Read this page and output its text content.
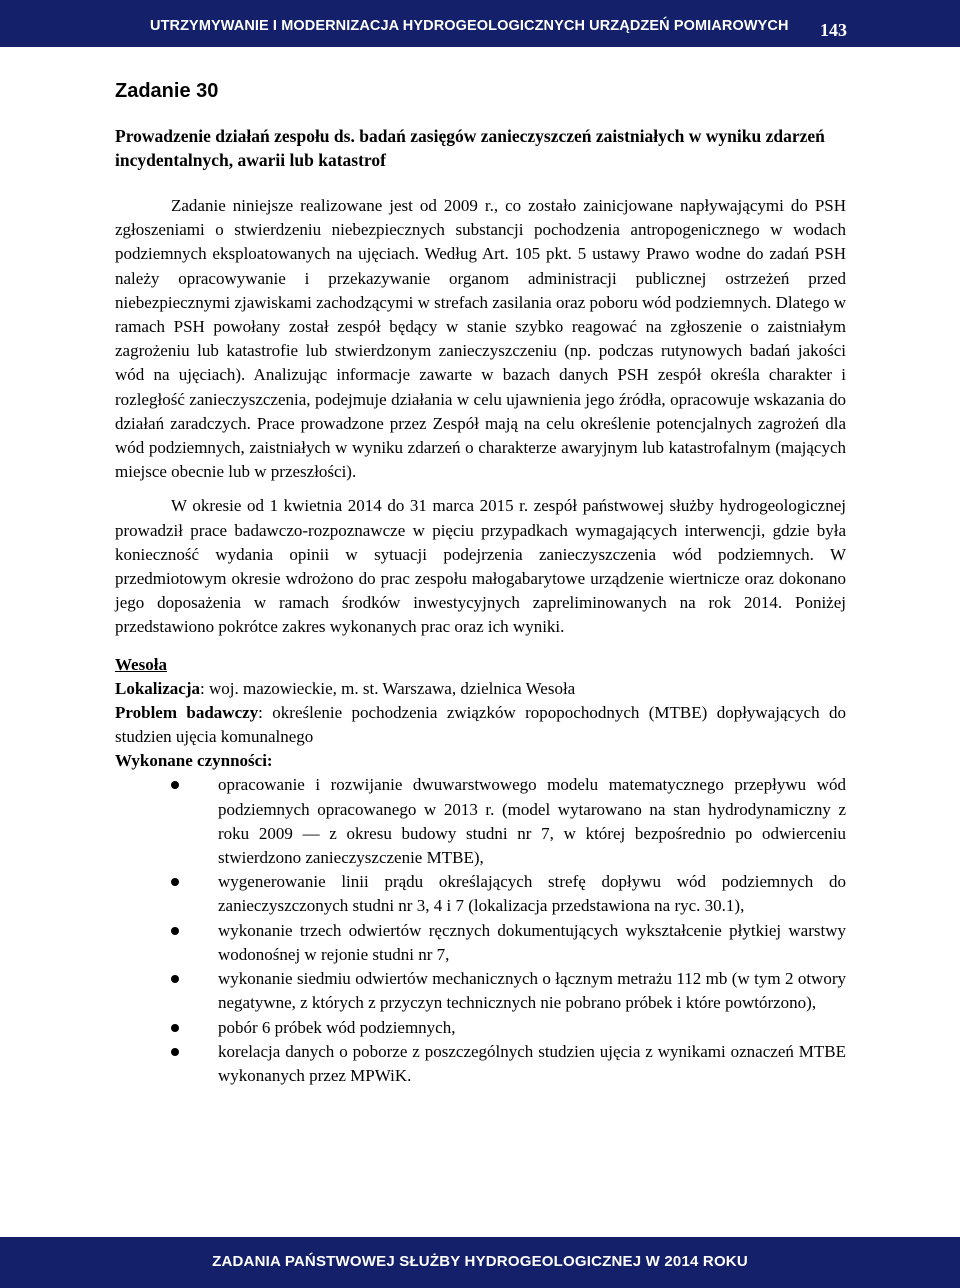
UTRZYMYWANIE I MODERNIZACJA HYDROGEOLOGICZNYCH URZĄDZEŃ POMIAROWYCH 143
Zadanie 30

Prowadzenie działań zespołu ds. badań zasięgów zanieczyszczeń zaistniałych w wyniku zdarzeń incydentalnych, awarii lub katastrof

Zadanie niniejsze realizowane jest od 2009 r., co zostało zainicjowane napływającymi do PSH zgłoszeniami o stwierdzeniu niebezpiecznych substancji pochodzenia antropogenicznego w wodach podziemnych eksploatowanych na ujęciach. Według Art. 105 pkt. 5 ustawy Prawo wodne do zadań PSH należy opracowywanie i przekazywanie organom administracji publicznej ostrzeżeń przed niebezpiecznymi zjawiskami zachodzącymi w strefach zasilania oraz poboru wód podziemnych. Dlatego w ramach PSH powołany został zespół będący w stanie szybko reagować na zgłoszenie o zaistniałym zagrożeniu lub katastrofie lub stwierdzonym zanieczyszczeniu (np. podczas rutynowych badań jakości wód na ujęciach). Analizując informacje zawarte w bazach danych PSH zespół określa charakter i rozległość zanieczyszczenia, podejmuje działania w celu ujawnienia jego źródła, opracowuje wskazania do działań zaradczych. Prace prowadzone przez Zespół mają na celu określenie potencjalnych zagrożeń dla wód podziemnych, zaistniałych w wyniku zdarzeń o charakterze awaryjnym lub katastrofalnym (mających miejsce obecnie lub w przeszłości).

W okresie od 1 kwietnia 2014 do 31 marca 2015 r. zespół państwowej służby hydrogeologicznej prowadził prace badawczo-rozpoznawcze w pięciu przypadkach wymagających interwencji, gdzie była konieczność wydania opinii w sytuacji podejrzenia zanieczyszczenia wód podziemnych. W przedmiotowym okresie wdrożono do prac zespołu małogabarytowe urządzenie wiertnicze oraz dokonano jego doposażenia w ramach środków inwestycyjnych zapreliminowanych na rok 2014. Poniżej przedstawiono pokrótce zakres wykonanych prac oraz ich wyniki.

Wesoła

Lokalizacja: woj. mazowieckie, m. st. Warszawa, dzielnica Wesoła

Problem badawczy: określenie pochodzenia związków ropopochodnych (MTBE) dopływających do studzien ujęcia komunalnego

Wykonane czynności:

opracowanie i rozwijanie dwuwarstwowego modelu matematycznego przepływu wód podziemnych opracowanego w 2013 r. (model wytarowano na stan hydrodynamiczny z roku 2009 — z okresu budowy studni nr 7, w której bezpośrednio po odwierceniu stwierdzono zanieczyszczenie MTBE),
wygenerowanie linii prądu określających strefę dopływu wód podziemnych do zanieczyszczonych studni nr 3, 4 i 7 (lokalizacja przedstawiona na ryc. 30.1),
wykonanie trzech odwiertów ręcznych dokumentujących wykształcenie płytkiej warstwy wodonośnej w rejonie studni nr 7,
wykonanie siedmiu odwiertów mechanicznych o łącznym metrażu 112 mb (w tym 2 otwory negatywne, z których z przyczyn technicznych nie pobrano próbek i które powtórzono),
pobór 6 próbek wód podziemnych,
korelacja danych o poborze z poszczególnych studzien ujęcia z wynikami oznaczeń MTBE wykonanych przez MPWiK.
ZADANIA PAŃSTWOWEJ SŁUŻBY HYDROGEOLOGICZNEJ W 2014 ROKU
